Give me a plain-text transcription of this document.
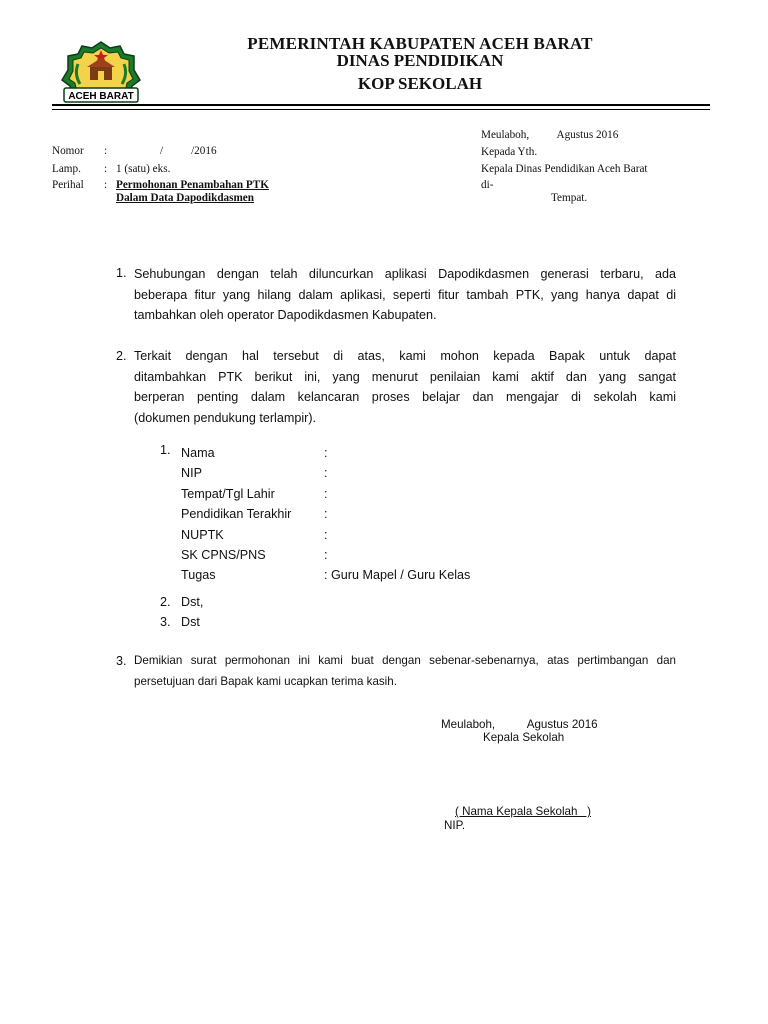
ACEH BARAT
PEMERINTAH KABUPATEN ACEH BARAT
DINAS PENDIDIKAN
KOP SEKOLAH
Nomor :	/          /2016
Lamp. : 1 (satu) eks.
Perihal : Permohonan Penambahan PTK
Dalam Data Dapodikdasmen
Meulaboh,          Agustus 2016
Kepada Yth.
Kepala Dinas Pendidikan Aceh Barat
di-
Tempat.
1. Sehubungan dengan telah diluncurkan aplikasi Dapodikdasmen generasi terbaru, ada
beberapa fitur yang hilang dalam aplikasi, seperti fitur tambah PTK, yang hanya dapat di
tambahkan oleh operator Dapodikdasmen Kabupaten.
2. Terkait dengan hal tersebut di atas, kami mohon kepada Bapak untuk dapat
ditambahkan PTK berikut ini, yang menurut penilaian kami aktif dan yang sangat
berperan penting dalam kelancaran proses belajar dan mengajar di sekolah kami
(dokumen pendukung terlampir).
1. Nama	:
NIP	:
Tempat/Tgl Lahir	:
Pendidikan Terakhir	:
NUPTK	:
SK CPNS/PNS	:
Tugas	: Guru Mapel / Guru Kelas
2. Dst,
3. Dst
3. Demikian surat permohonan ini kami buat dengan sebenar-sebenarnya, atas pertimbangan dan
persetujuan dari Bapak kami ucapkan terima kasih.
Meulaboh,          Agustus 2016
Kepala Sekolah
( Nama Kepala Sekolah   )
NIP.
